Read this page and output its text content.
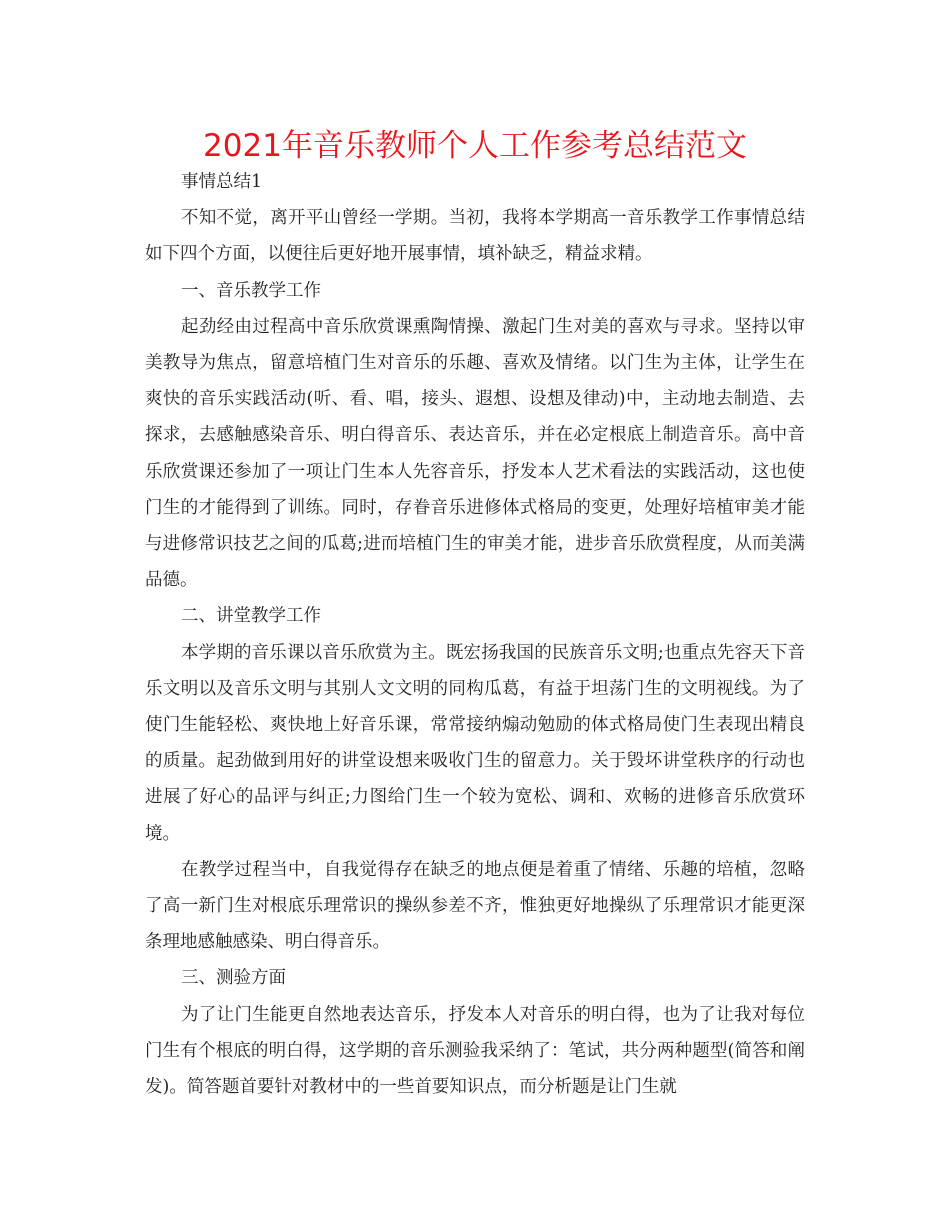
2021年音乐教师个人工作参考总结范文

事情总结1

不知不觉，离开平山曾经一学期。当初，我将本学期高一音乐教学工作事情总结如下四个方面，以便往后更好地开展事情，填补缺乏，精益求精。

一、音乐教学工作

起劲经由过程高中音乐欣赏课熏陶情操、激起门生对美的喜欢与寻求。坚持以审美教导为焦点，留意培植门生对音乐的乐趣、喜欢及情绪。以门生为主体，让学生在爽快的音乐实践活动(听、看、唱，接头、遐想、设想及律动)中，主动地去制造、去探求，去感触感染音乐、明白得音乐、表达音乐，并在必定根底上制造音乐。高中音乐欣赏课还参加了一项让门生本人先容音乐，抒发本人艺术看法的实践活动，这也使门生的才能得到了训练。同时，存眷音乐进修体式格局的变更，处理好培植审美才能与进修常识技艺之间的瓜葛;进而培植门生的审美才能，进步音乐欣赏程度，从而美满品德。

二、讲堂教学工作

本学期的音乐课以音乐欣赏为主。既宏扬我国的民族音乐文明;也重点先容天下音乐文明以及音乐文明与其别人文文明的同构瓜葛，有益于坦荡门生的文明视线。为了使门生能轻松、爽快地上好音乐课，常常接纳煽动勉励的体式格局使门生表现出精良的质量。起劲做到用好的讲堂设想来吸收门生的留意力。关于毁坏讲堂秩序的行动也进展了好心的品评与纠正;力图给门生一个较为宽松、调和、欢畅的进修音乐欣赏环境。

在教学过程当中，自我觉得存在缺乏的地点便是着重了情绪、乐趣的培植，忽略了高一新门生对根底乐理常识的操纵参差不齐，惟独更好地操纵了乐理常识才能更深条理地感触感染、明白得音乐。

三、测验方面

为了让门生能更自然地表达音乐，抒发本人对音乐的明白得，也为了让我对每位门生有个根底的明白得，这学期的音乐测验我采纳了：笔试，共分两种题型(简答和阐发)。简答题首要针对教材中的一些首要知识点，而分析题是让门生就
